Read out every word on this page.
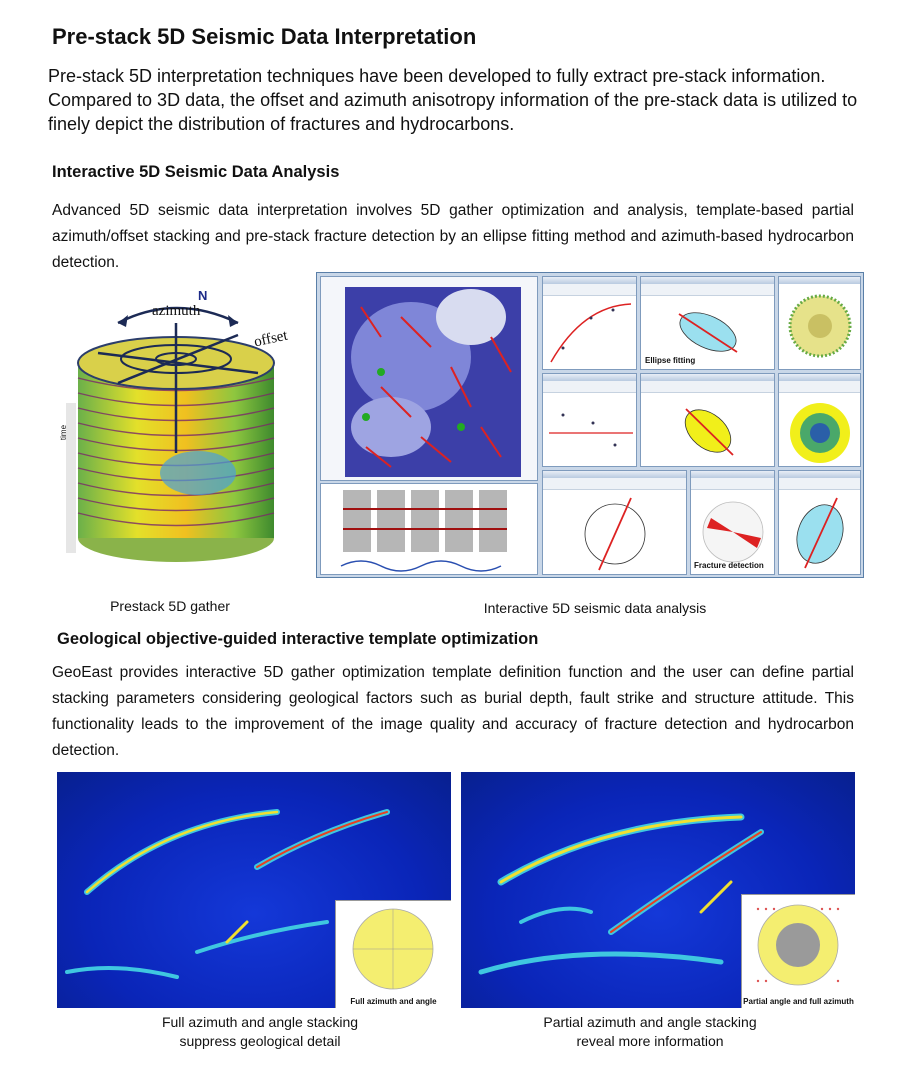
Pre-stack 5D Seismic Data Interpretation

Pre-stack 5D interpretation techniques have been developed to fully extract pre-stack information. Compared to 3D data, the offset and azimuth anisotropy information of the pre-stack data is utilized to finely depict the distribution of fractures and hydrocarbons.

Interactive 5D Seismic Data Analysis

Advanced 5D seismic data interpretation involves 5D gather optimization and analysis, template-based partial azimuth/offset stacking and pre-stack fracture detection by an ellipse fitting method and azimuth-based hydrocarbon detection.

azimuth
N
offset
time
Ellipse fitting
Fracture detection
Prestack 5D gather	Interactive 5D seismic data analysis

Geological objective-guided interactive template optimization

GeoEast provides interactive 5D gather optimization template definition function and the user can define partial stacking parameters considering geological factors such as burial depth, fault strike and structure attitude. This functionality leads to the improvement of the image quality and accuracy of fracture detection and hydrocarbon detection.

Full azimuth and angle	Partial angle and full azimuth
Full azimuth and angle stacking
suppress geological detail
Partial azimuth and angle stacking
reveal more information
